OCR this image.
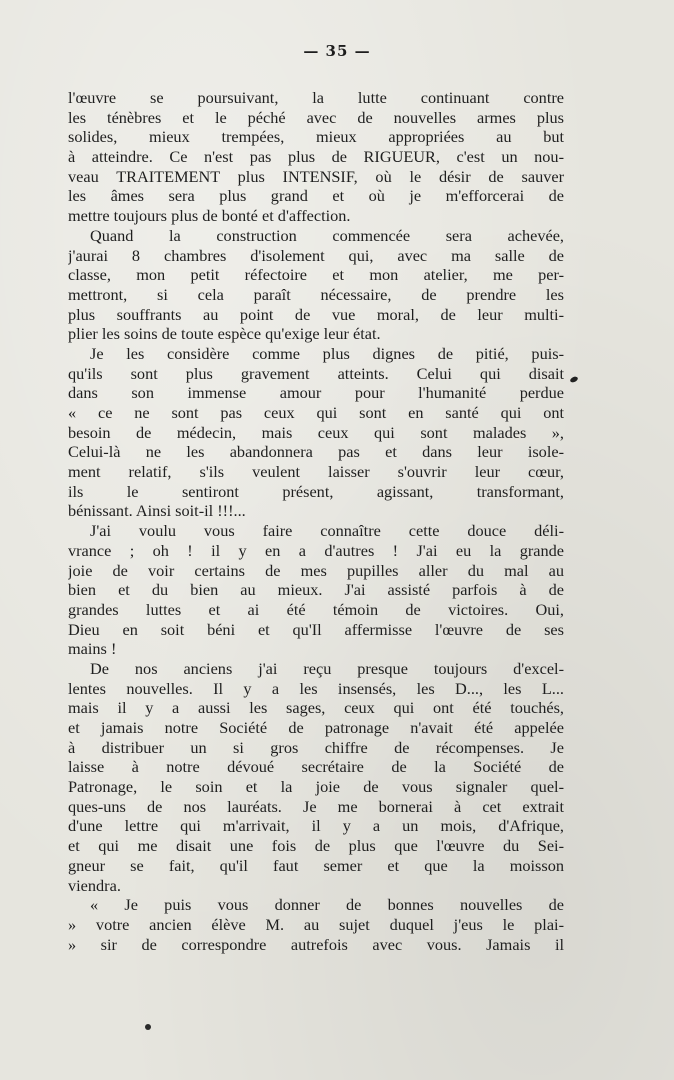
— 35 —
l'œuvre se poursuivant, la lutte continuant contre
les ténèbres et le péché avec de nouvelles armes plus
solides, mieux trempées, mieux appropriées au but
à atteindre. Ce n'est pas plus de RIGUEUR, c'est un nou-
veau TRAITEMENT plus INTENSIF, où le désir de sauver
les âmes sera plus grand et où je m'efforcerai de
mettre toujours plus de bonté et d'affection.
Quand la construction commencée sera achevée,
j'aurai 8 chambres d'isolement qui, avec ma salle de
classe, mon petit réfectoire et mon atelier, me per-
mettront, si cela paraît nécessaire, de prendre les
plus souffrants au point de vue moral, de leur multi-
plier les soins de toute espèce qu'exige leur état.
Je les considère comme plus dignes de pitié, puis-
qu'ils sont plus gravement atteints. Celui qui disait
dans son immense amour pour l'humanité perdue
« ce ne sont pas ceux qui sont en santé qui ont
besoin de médecin, mais ceux qui sont malades »,
Celui-là ne les abandonnera pas et dans leur isole-
ment relatif, s'ils veulent laisser s'ouvrir leur cœur,
ils le sentiront présent, agissant, transformant,
bénissant. Ainsi soit-il !!!...
J'ai voulu vous faire connaître cette douce déli-
vrance ; oh ! il y en a d'autres ! J'ai eu la grande
joie de voir certains de mes pupilles aller du mal au
bien et du bien au mieux. J'ai assisté parfois à de
grandes luttes et ai été témoin de victoires. Oui,
Dieu en soit béni et qu'Il affermisse l'œuvre de ses
mains !
De nos anciens j'ai reçu presque toujours d'excel-
lentes nouvelles. Il y a les insensés, les D..., les L...
mais il y a aussi les sages, ceux qui ont été touchés,
et jamais notre Société de patronage n'avait été appelée
à distribuer un si gros chiffre de récompenses. Je
laisse à notre dévoué secrétaire de la Société de
Patronage, le soin et la joie de vous signaler quel-
ques-uns de nos lauréats. Je me bornerai à cet extrait
d'une lettre qui m'arrivait, il y a un mois, d'Afrique,
et qui me disait une fois de plus que l'œuvre du Sei-
gneur se fait, qu'il faut semer et que la moisson
viendra.
« Je puis vous donner de bonnes nouvelles de
» votre ancien élève M. au sujet duquel j'eus le plai-
» sir de correspondre autrefois avec vous. Jamais il
